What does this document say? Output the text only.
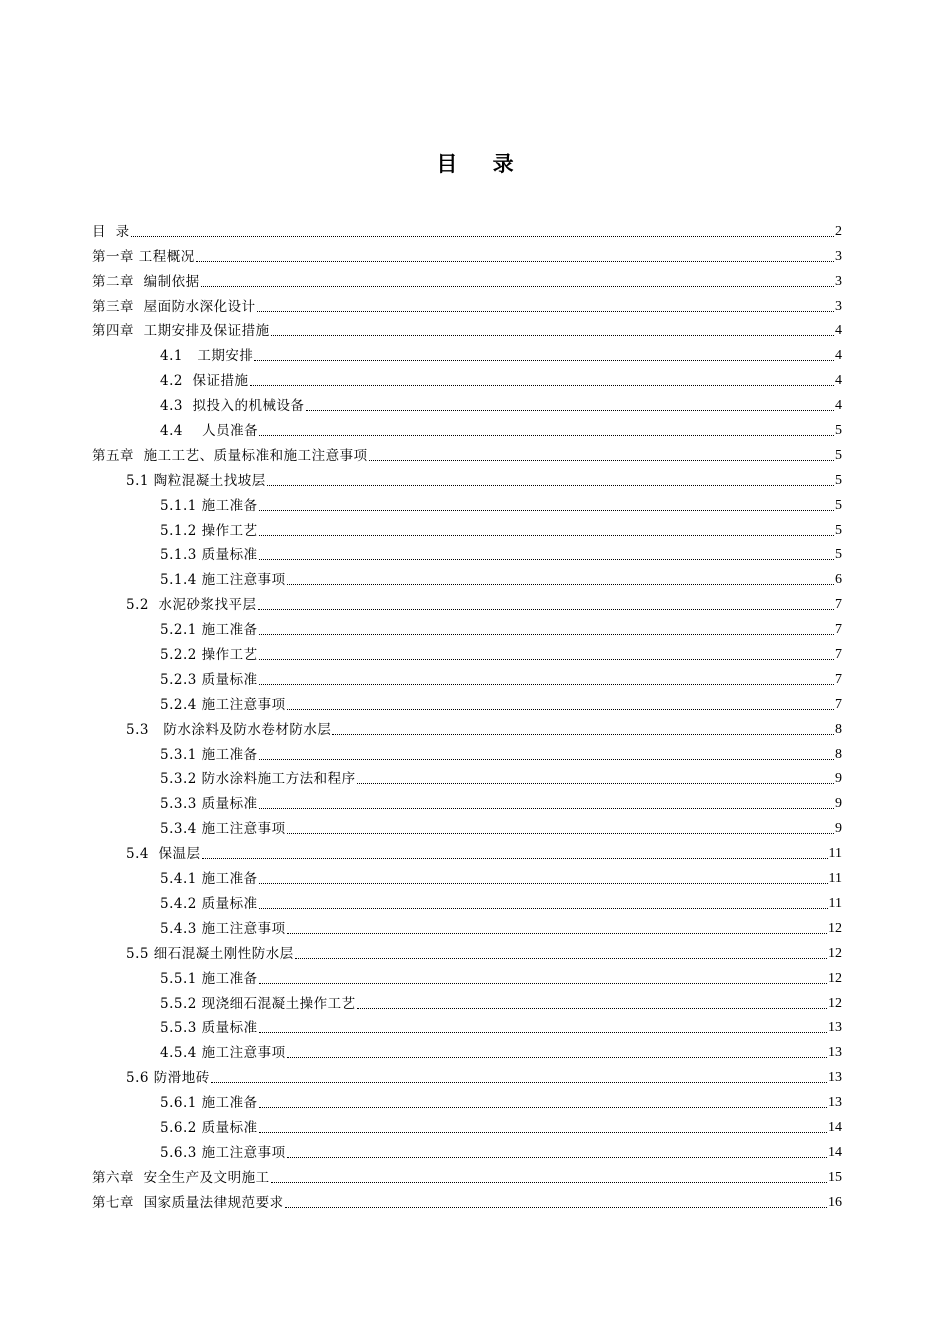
目 录
目  录	2
第一章 工程概况	3
第二章  编制依据	3
第三章  屋面防水深化设计	3
第四章  工期安排及保证措施	4
4.1   工期安排	4
4.2  保证措施	4
4.3  拟投入的机械设备	4
4.4    人员准备	5
第五章  施工工艺、质量标准和施工注意事项	5
5.1 陶粒混凝土找坡层	5
5.1.1 施工准备	5
5.1.2 操作工艺	5
5.1.3 质量标准	5
5.1.4 施工注意事项	6
5.2  水泥砂浆找平层	7
5.2.1 施工准备	7
5.2.2 操作工艺	7
5.2.3 质量标准	7
5.2.4 施工注意事项	7
5.3   防水涂料及防水卷材防水层	8
5.3.1 施工准备	8
5.3.2 防水涂料施工方法和程序	9
5.3.3 质量标准	9
5.3.4 施工注意事项	9
5.4  保温层	11
5.4.1 施工准备	11
5.4.2 质量标准	11
5.4.3 施工注意事项	12
5.5 细石混凝土刚性防水层	12
5.5.1 施工准备	12
5.5.2 现浇细石混凝土操作工艺	12
5.5.3 质量标准	13
4.5.4 施工注意事项	13
5.6 防滑地砖	13
5.6.1 施工准备	13
5.6.2 质量标准	14
5.6.3 施工注意事项	14
第六章  安全生产及文明施工	15
第七章  国家质量法律规范要求	16
